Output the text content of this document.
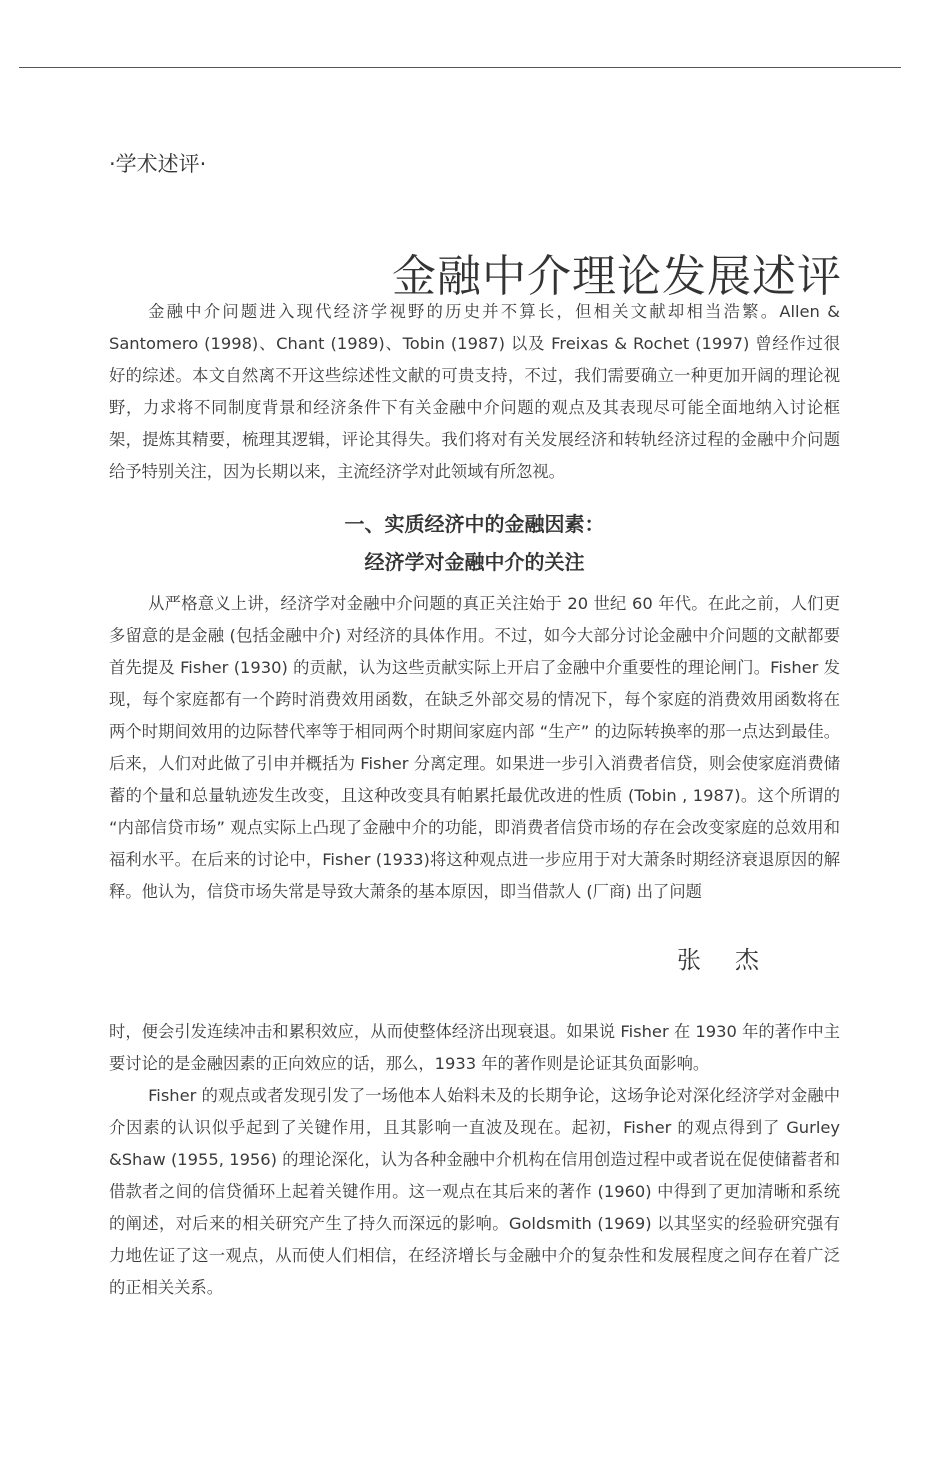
·学术述评·
金融中介理论发展述评

金融中介问题进入现代经济学视野的历史并不算长，但相关文献却相当浩繁。Allen & Santomero (1998)、Chant (1989)、Tobin (1987) 以及 Freixas & Rochet (1997) 曾经作过很好的综述。本文自然离不开这些综述性文献的可贵支持，不过，我们需要确立一种更加开阔的理论视野，力求将不同制度背景和经济条件下有关金融中介问题的观点及其表现尽可能全面地纳入讨论框架，提炼其精要，梳理其逻辑，评论其得失。我们将对有关发展经济和转轨经济过程的金融中介问题给予特别关注，因为长期以来，主流经济学对此领域有所忽视。

一、实质经济中的金融因素：
经济学对金融中介的关注

从严格意义上讲，经济学对金融中介问题的真正关注始于 20 世纪 60 年代。在此之前，人们更多留意的是金融 (包括金融中介) 对经济的具体作用。不过，如今大部分讨论金融中介问题的文献都要首先提及 Fisher (1930) 的贡献，认为这些贡献实际上开启了金融中介重要性的理论闸门。Fisher 发现，每个家庭都有一个跨时消费效用函数，在缺乏外部交易的情况下，每个家庭的消费效用函数将在两个时期间效用的边际替代率等于相同两个时期间家庭内部 “生产” 的边际转换率的那一点达到最佳。后来，人们对此做了引申并概括为 Fisher 分离定理。如果进一步引入消费者信贷，则会使家庭消费储蓄的个量和总量轨迹发生改变，且这种改变具有帕累托最优改进的性质 (Tobin , 1987)。这个所谓的 “内部信贷市场” 观点实际上凸现了金融中介的功能，即消费者信贷市场的存在会改变家庭的总效用和福利水平。在后来的讨论中，Fisher (1933)将这种观点进一步应用于对大萧条时期经济衰退原因的解释。他认为，信贷市场失常是导致大萧条的基本原因，即当借款人 (厂商) 出了问题

张杰

时，便会引发连续冲击和累积效应，从而使整体经济出现衰退。如果说 Fisher 在 1930 年的著作中主要讨论的是金融因素的正向效应的话，那么，1933 年的著作则是论证其负面影响。

Fisher 的观点或者发现引发了一场他本人始料未及的长期争论，这场争论对深化经济学对金融中介因素的认识似乎起到了关键作用，且其影响一直波及现在。起初，Fisher 的观点得到了 Gurley &Shaw (1955, 1956) 的理论深化，认为各种金融中介机构在信用创造过程中或者说在促使储蓄者和借款者之间的信贷循环上起着关键作用。这一观点在其后来的著作 (1960) 中得到了更加清晰和系统的阐述，对后来的相关研究产生了持久而深远的影响。Goldsmith (1969) 以其坚实的经验研究强有力地佐证了这一观点，从而使人们相信，在经济增长与金融中介的复杂性和发展程度之间存在着广泛的正相关关系。
